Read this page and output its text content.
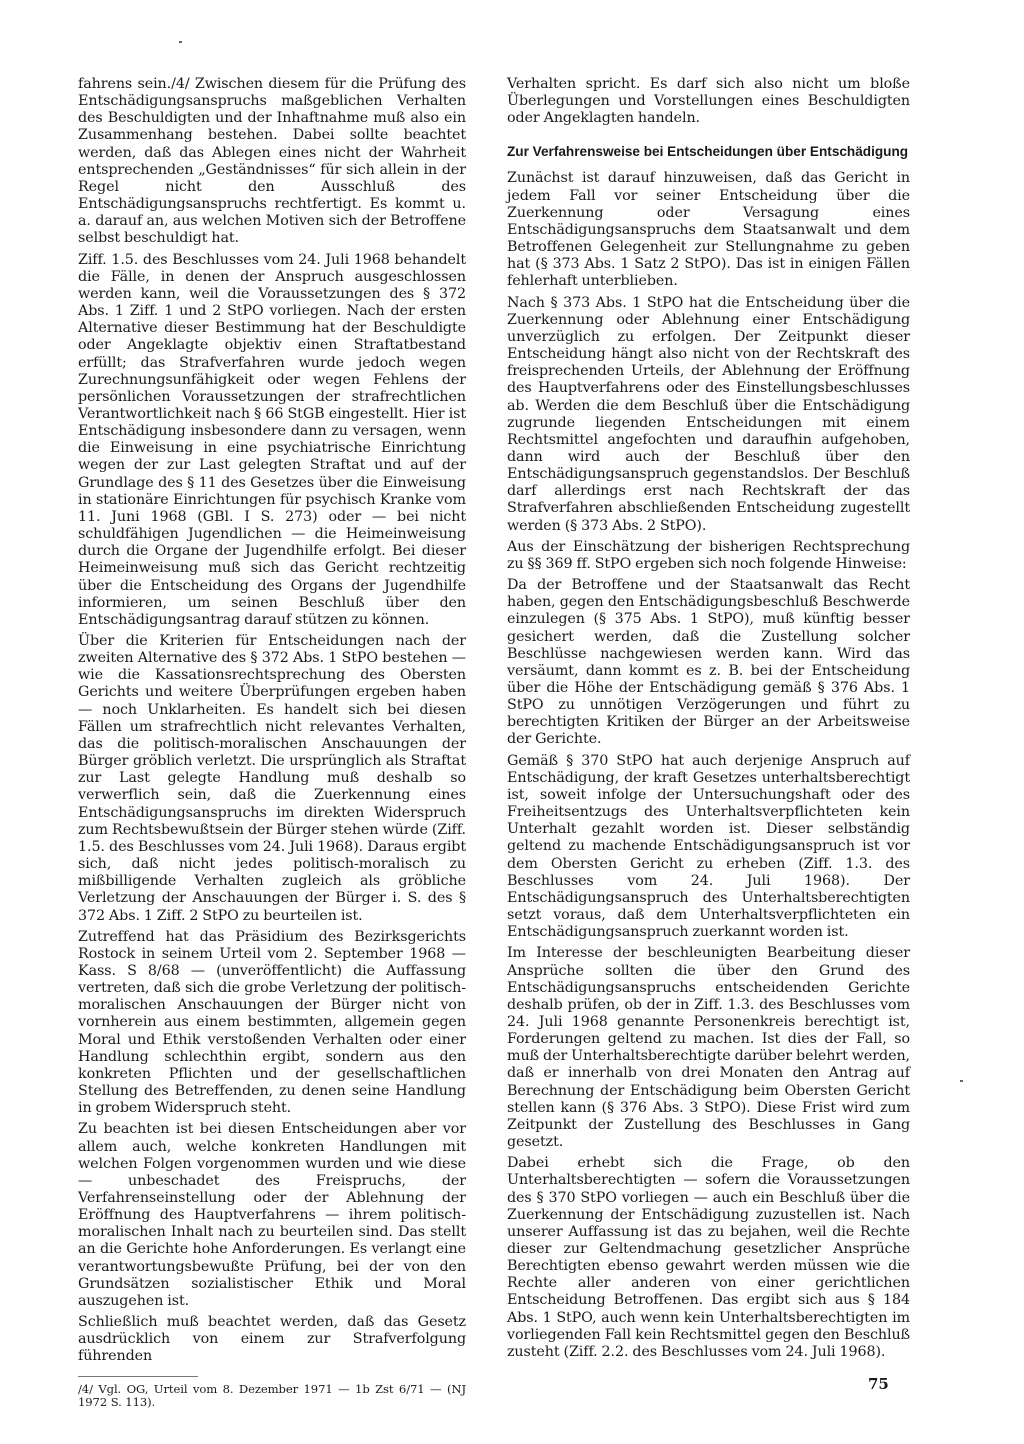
fahrens sein./4/ Zwischen diesem für die Prüfung des Entschädigungsanspruchs maßgeblichen Verhalten des Beschuldigten und der Inhaftnahme muß also ein Zusammenhang bestehen. Dabei sollte beachtet werden, daß das Ablegen eines nicht der Wahrheit entsprechenden „Geständnisses“ für sich allein in der Regel nicht den Ausschluß des Entschädigungsanspruchs rechtfertigt. Es kommt u. a. darauf an, aus welchen Motiven sich der Betroffene selbst beschuldigt hat.

Ziff. 1.5. des Beschlusses vom 24. Juli 1968 behandelt die Fälle, in denen der Anspruch ausgeschlossen werden kann, weil die Voraussetzungen des § 372 Abs. 1 Ziff. 1 und 2 StPO vorliegen. Nach der ersten Alternative dieser Bestimmung hat der Beschuldigte oder Angeklagte objektiv einen Straftatbestand erfüllt; das Strafverfahren wurde jedoch wegen Zurechnungsunfähigkeit oder wegen Fehlens der persönlichen Voraussetzungen der strafrechtlichen Verantwortlichkeit nach § 66 StGB eingestellt. Hier ist Entschädigung insbesondere dann zu versagen, wenn die Einweisung in eine psychiatrische Einrichtung wegen der zur Last gelegten Straftat und auf der Grundlage des § 11 des Gesetzes über die Einweisung in stationäre Einrichtungen für psychisch Kranke vom 11. Juni 1968 (GBl. I S. 273) oder — bei nicht schuldfähigen Jugendlichen — die Heimeinweisung durch die Organe der Jugendhilfe erfolgt. Bei dieser Heimeinweisung muß sich das Gericht rechtzeitig über die Entscheidung des Organs der Jugendhilfe informieren, um seinen Beschluß über den Entschädigungsantrag darauf stützen zu können.

Über die Kriterien für Entscheidungen nach der zweiten Alternative des § 372 Abs. 1 StPO bestehen — wie die Kassationsrechtsprechung des Obersten Gerichts und weitere Überprüfungen ergeben haben — noch Unklarheiten. Es handelt sich bei diesen Fällen um strafrechtlich nicht relevantes Verhalten, das die politisch-moralischen Anschauungen der Bürger gröblich verletzt. Die ursprünglich als Straftat zur Last gelegte Handlung muß deshalb so verwerflich sein, daß die Zuerkennung eines Entschädigungsanspruchs im direkten Widerspruch zum Rechtsbewußtsein der Bürger stehen würde (Ziff. 1.5. des Beschlusses vom 24. Juli 1968). Daraus ergibt sich, daß nicht jedes politisch-moralisch zu mißbilligende Verhalten zugleich als gröbliche Verletzung der Anschauungen der Bürger i. S. des § 372 Abs. 1 Ziff. 2 StPO zu beurteilen ist.

Zutreffend hat das Präsidium des Bezirksgerichts Rostock in seinem Urteil vom 2. September 1968 — Kass. S 8/68 — (unveröffentlicht) die Auffassung vertreten, daß sich die grobe Verletzung der politisch-moralischen Anschauungen der Bürger nicht von vornherein aus einem bestimmten, allgemein gegen Moral und Ethik verstoßenden Verhalten oder einer Handlung schlechthin ergibt, sondern aus den konkreten Pflichten und der gesellschaftlichen Stellung des Betreffenden, zu denen seine Handlung in grobem Widerspruch steht.

Zu beachten ist bei diesen Entscheidungen aber vor allem auch, welche konkreten Handlungen mit welchen Folgen vorgenommen wurden und wie diese — unbeschadet des Freispruchs, der Verfahrenseinstellung oder der Ablehnung der Eröffnung des Hauptverfahrens — ihrem politisch-moralischen Inhalt nach zu beurteilen sind. Das stellt an die Gerichte hohe Anforderungen. Es verlangt eine verantwortungsbewußte Prüfung, bei der von den Grundsätzen sozialistischer Ethik und Moral auszugehen ist.

Schließlich muß beachtet werden, daß das Gesetz ausdrücklich von einem zur Strafverfolgung führenden

/4/ Vgl. OG, Urteil vom 8. Dezember 1971 — 1b Zst 6/71 — (NJ 1972 S. 113).

Verhalten spricht. Es darf sich also nicht um bloße Überlegungen und Vorstellungen eines Beschuldigten oder Angeklagten handeln.

Zur Verfahrensweise bei Entscheidungen über Entschädigung

Zunächst ist darauf hinzuweisen, daß das Gericht in jedem Fall vor seiner Entscheidung über die Zuerkennung oder Versagung eines Entschädigungsanspruchs dem Staatsanwalt und dem Betroffenen Gelegenheit zur Stellungnahme zu geben hat (§ 373 Abs. 1 Satz 2 StPO). Das ist in einigen Fällen fehlerhaft unterblieben.

Nach § 373 Abs. 1 StPO hat die Entscheidung über die Zuerkennung oder Ablehnung einer Entschädigung unverzüglich zu erfolgen. Der Zeitpunkt dieser Entscheidung hängt also nicht von der Rechtskraft des freisprechenden Urteils, der Ablehnung der Eröffnung des Hauptverfahrens oder des Einstellungsbeschlusses ab. Werden die dem Beschluß über die Entschädigung zugrunde liegenden Entscheidungen mit einem Rechtsmittel angefochten und daraufhin aufgehoben, dann wird auch der Beschluß über den Entschädigungsanspruch gegenstandslos. Der Beschluß darf allerdings erst nach Rechtskraft der das Strafverfahren abschließenden Entscheidung zugestellt werden (§ 373 Abs. 2 StPO).

Aus der Einschätzung der bisherigen Rechtsprechung zu §§ 369 ff. StPO ergeben sich noch folgende Hinweise:

Da der Betroffene und der Staatsanwalt das Recht haben, gegen den Entschädigungsbeschluß Beschwerde einzulegen (§ 375 Abs. 1 StPO), muß künftig besser gesichert werden, daß die Zustellung solcher Beschlüsse nachgewiesen werden kann. Wird das versäumt, dann kommt es z. B. bei der Entscheidung über die Höhe der Entschädigung gemäß § 376 Abs. 1 StPO zu unnötigen Verzögerungen und führt zu berechtigten Kritiken der Bürger an der Arbeitsweise der Gerichte.

Gemäß § 370 StPO hat auch derjenige Anspruch auf Entschädigung, der kraft Gesetzes unterhaltsberechtigt ist, soweit infolge der Untersuchungshaft oder des Freiheitsentzugs des Unterhaltsverpflichteten kein Unterhalt gezahlt worden ist. Dieser selbständig geltend zu machende Entschädigungsanspruch ist vor dem Obersten Gericht zu erheben (Ziff. 1.3. des Beschlusses vom 24. Juli 1968). Der Entschädigungsanspruch des Unterhaltsberechtigten setzt voraus, daß dem Unterhaltsverpflichteten ein Entschädigungsanspruch zuerkannt worden ist.

Im Interesse der beschleunigten Bearbeitung dieser Ansprüche sollten die über den Grund des Entschädigungsanspruchs entscheidenden Gerichte deshalb prüfen, ob der in Ziff. 1.3. des Beschlusses vom 24. Juli 1968 genannte Personenkreis berechtigt ist, Forderungen geltend zu machen. Ist dies der Fall, so muß der Unterhaltsberechtigte darüber belehrt werden, daß er innerhalb von drei Monaten den Antrag auf Berechnung der Entschädigung beim Obersten Gericht stellen kann (§ 376 Abs. 3 StPO). Diese Frist wird zum Zeitpunkt der Zustellung des Beschlusses in Gang gesetzt.

Dabei erhebt sich die Frage, ob den Unterhaltsberechtigten — sofern die Voraussetzungen des § 370 StPO vorliegen — auch ein Beschluß über die Zuerkennung der Entschädigung zuzustellen ist. Nach unserer Auffassung ist das zu bejahen, weil die Rechte dieser zur Geltendmachung gesetzlicher Ansprüche Berechtigten ebenso gewahrt werden müssen wie die Rechte aller anderen von einer gerichtlichen Entscheidung Betroffenen. Das ergibt sich aus § 184 Abs. 1 StPO, auch wenn kein Unterhaltsberechtigten im vorliegenden Fall kein Rechtsmittel gegen den Beschluß zusteht (Ziff. 2.2. des Beschlusses vom 24. Juli 1968).

75
